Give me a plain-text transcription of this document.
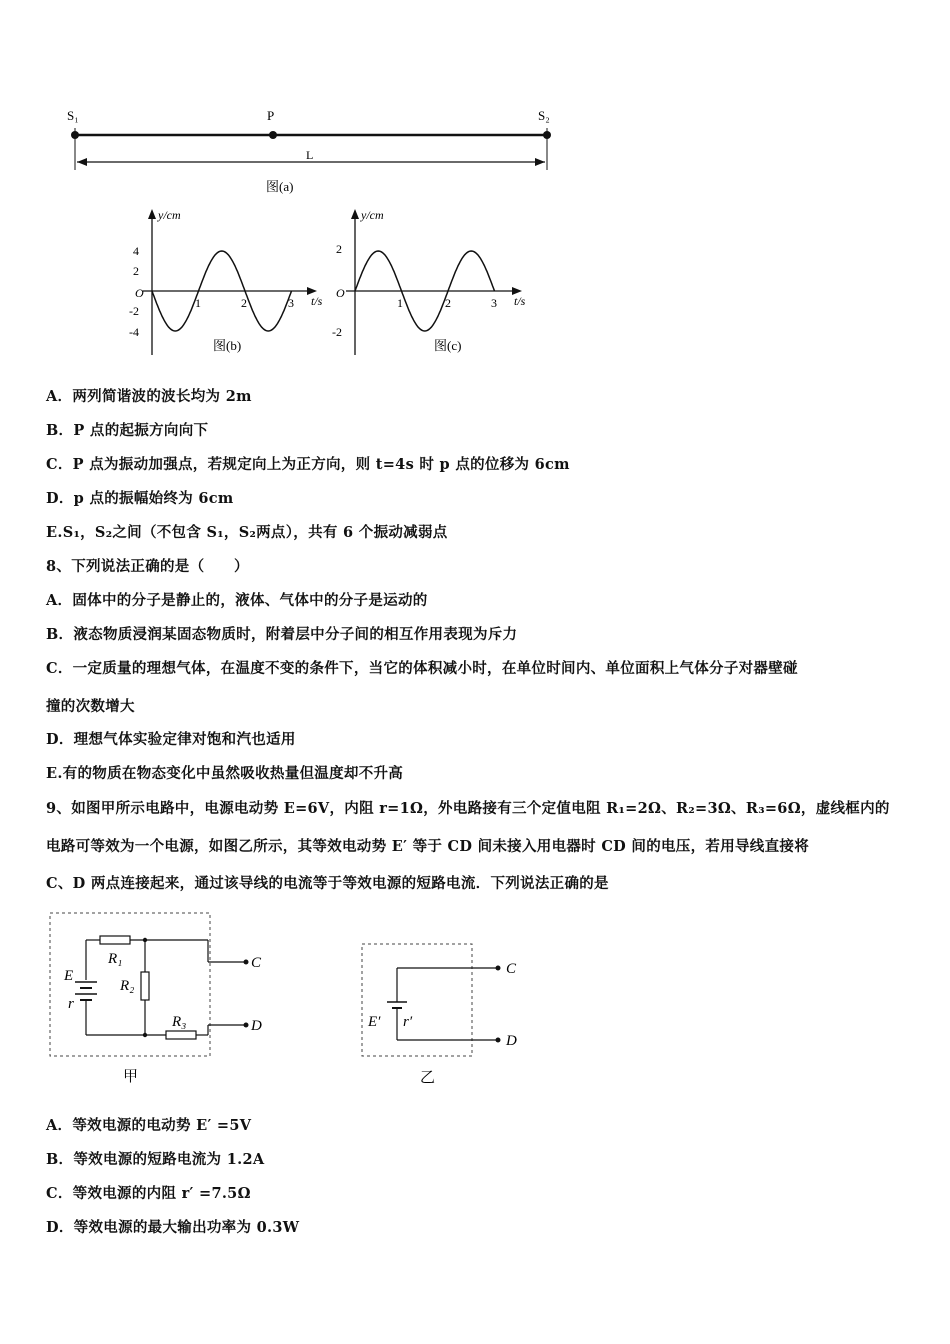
S₁	P	S₂
L
图(a)
y/cm
t/s
O
4
2
-2
-4
1	2	3
图(b)
y/cm
t/s
O
2
-2
1	2	3
图(c)
A．两列简谐波的波长均为 2m
B．P 点的起振方向向下
C．P 点为振动加强点，若规定向上为正方向，则 t=4s 时 p 点的位移为 6cm
D．p 点的振幅始终为 6cm
E.S₁，S₂之间（不包含 S₁，S₂两点），共有 6 个振动减弱点
8、下列说法正确的是（　　）
A．固体中的分子是静止的，液体、气体中的分子是运动的
B．液态物质浸润某固态物质时，附着层中分子间的相互作用表现为斥力
C．一定质量的理想气体，在温度不变的条件下，当它的体积减小时，在单位时间内、单位面积上气体分子对器壁碰
撞的次数增大
D．理想气体实验定律对饱和汽也适用
E.有的物质在物态变化中虽然吸收热量但温度却不升高
9、如图甲所示电路中，电源电动势 E=6V，内阻 r=1Ω，外电路接有三个定值电阻 R₁=2Ω、R₂=3Ω、R₃=6Ω，虚线框内的
电路可等效为一个电源，如图乙所示，其等效电动势 E′ 等于 CD 间未接入用电器时 CD 间的电压，若用导线直接将
C、D 两点连接起来，通过该导线的电流等于等效电源的短路电流．下列说法正确的是
E
r
R₁
R₂
R₃
C
D
甲
E′ r′
C
D
乙
A．等效电源的电动势 E′ =5V
B．等效电源的短路电流为 1.2A
C．等效电源的内阻 r′ =7.5Ω
D．等效电源的最大输出功率为 0.3W
